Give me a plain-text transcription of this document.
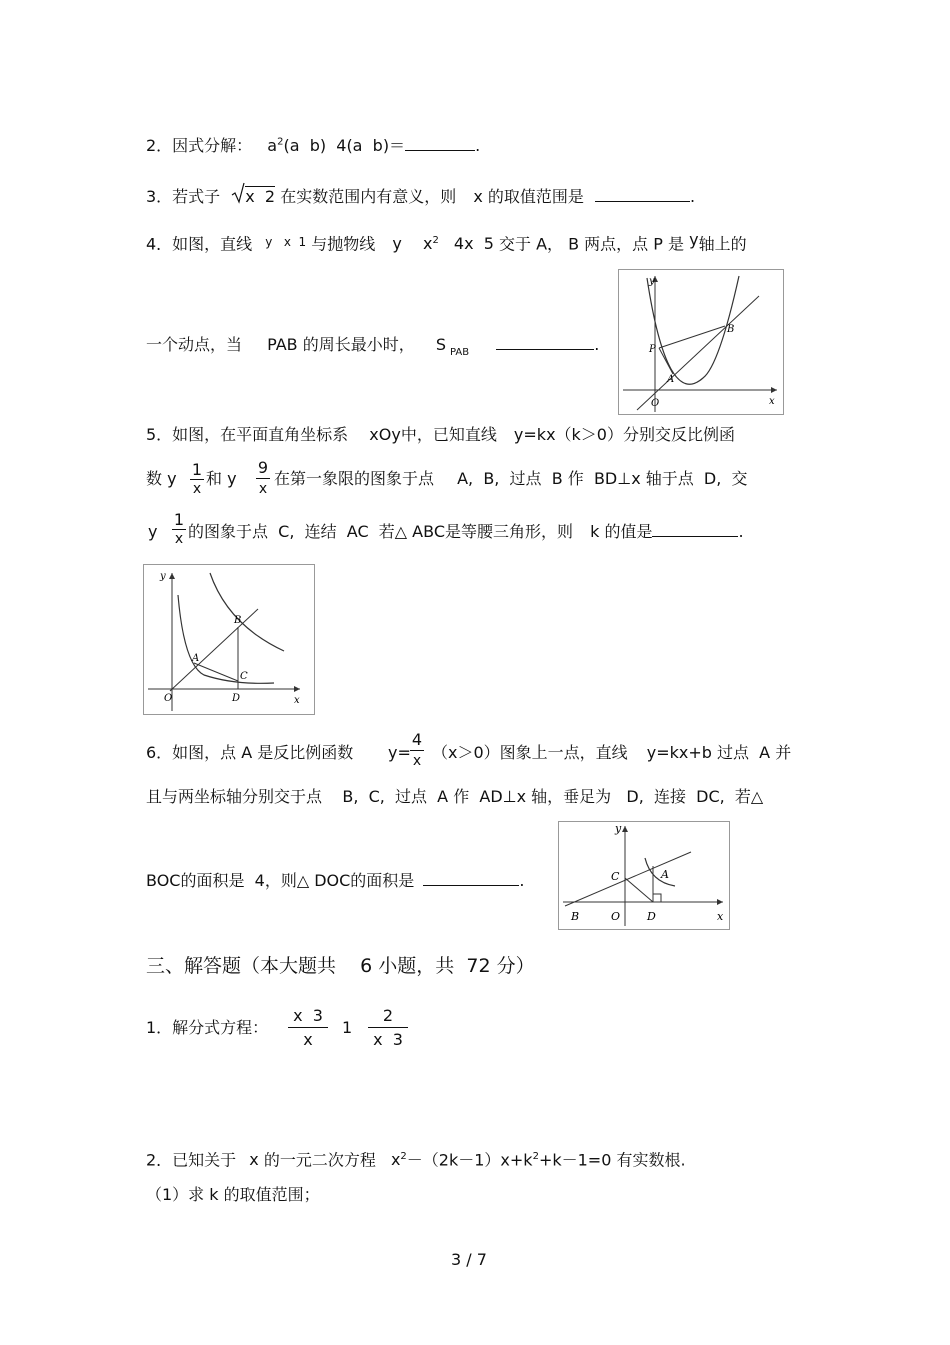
2．因式分解： $a^2(a$  b)  4(a  b)＝	.
3．若式子 x  2 在实数范围内有意义，则 x 的取值范围是	.
4．如图，直线 y   x  1 与抛物线 y $x^2$ 4x  5 交于 A， B 两点，点 P 是 y轴上的
一个动点，当 PAB 的周长最小时， S $_{PAB}$	.
y
x
O
A
B
P
5．如图，在平面直角坐标系 xOy中，已知直线 y=kx（k＞0）分别交反比例函
数 y 1
x
和 y
9
x
在第一象限的图象于点 A,  B,  过点  B 作  BD⊥x 轴于点  D,  交
y
1
x 的图象于点  C,  连结  AC  若△ ABC是等腰三角形，则 k 的值是	.
y
x
O
A
B
C
D
6．如图，点 A 是反比例函数 y=
4
x （x＞0）图象上一点，直线 y=kx+b 过点  A 并
且与两坐标轴分别交于点    B,  C,  过点  A 作  AD⊥x 轴，垂足为   D,  连接  DC,  若△
BOC的面积是  4，则△ DOC的面积是	.
y
x
O
A
B
C
D
三、解答题（本大题共    6 小题，共  72 分）
1．解分式方程：
x  3
x
1
2
x  3
2．已知关于 x 的一元二次方程 $x^2-(2k-1)x+k^2+k-1=0$ 有实数根.
（1）求 k 的取值范围；
3 / 7
